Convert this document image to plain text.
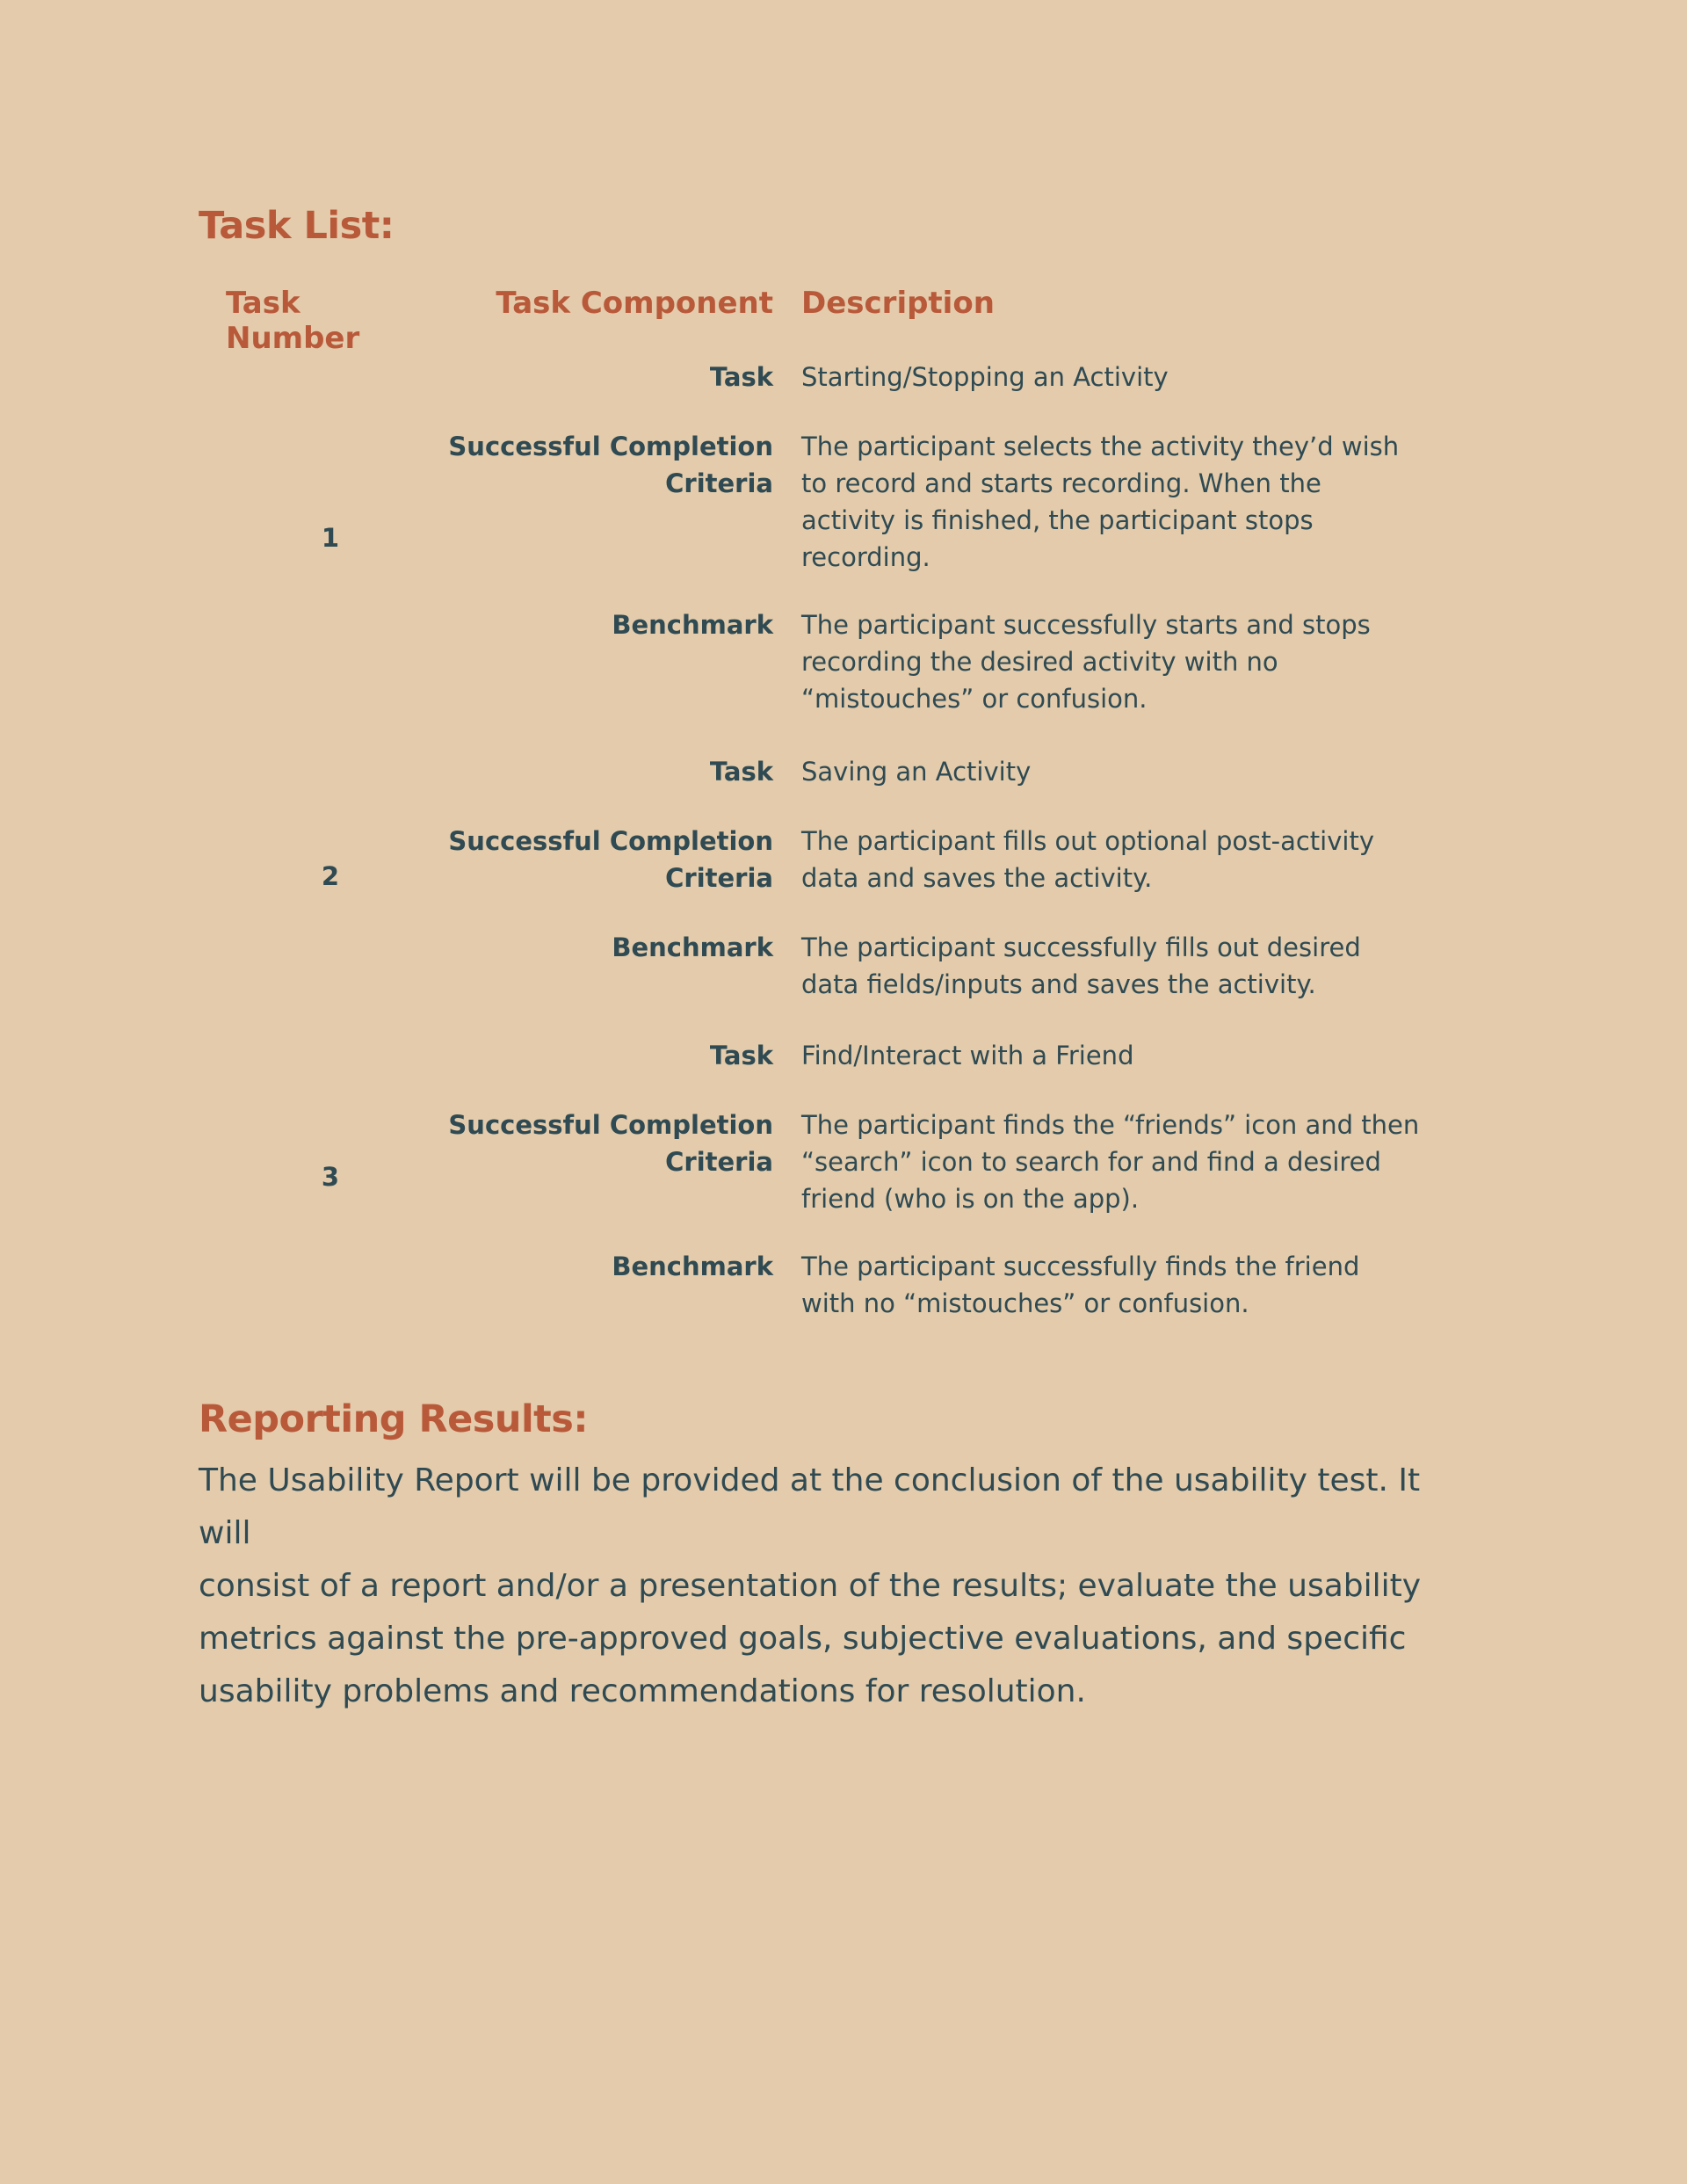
Task List:
Task Number
Task Component Description
1
Task Starting/Stopping an Activity
Successful Completion
Criteria
The participant selects the activity they’d wish
to record and starts recording. When the
activity is finished, the participant stops
recording.
Benchmark The participant successfully starts and stops
recording the desired activity with no
“mistouches” or confusion.
2
Task Saving an Activity
Successful Completion
Criteria
The participant fills out optional post-activity
data and saves the activity.
Benchmark The participant successfully fills out desired
data fields/inputs and saves the activity.
3
Task Find/Interact with a Friend
Successful Completion
Criteria
The participant finds the “friends” icon and then
“search” icon to search for and find a desired
friend (who is on the app).
Benchmark The participant successfully finds the friend
with no “mistouches” or confusion.
Reporting Results:

The Usability Report will be provided at the conclusion of the usability test. It will
consist of a report and/or a presentation of the results; evaluate the usability
metrics against the pre-approved goals, subjective evaluations, and specific
usability problems and recommendations for resolution.
